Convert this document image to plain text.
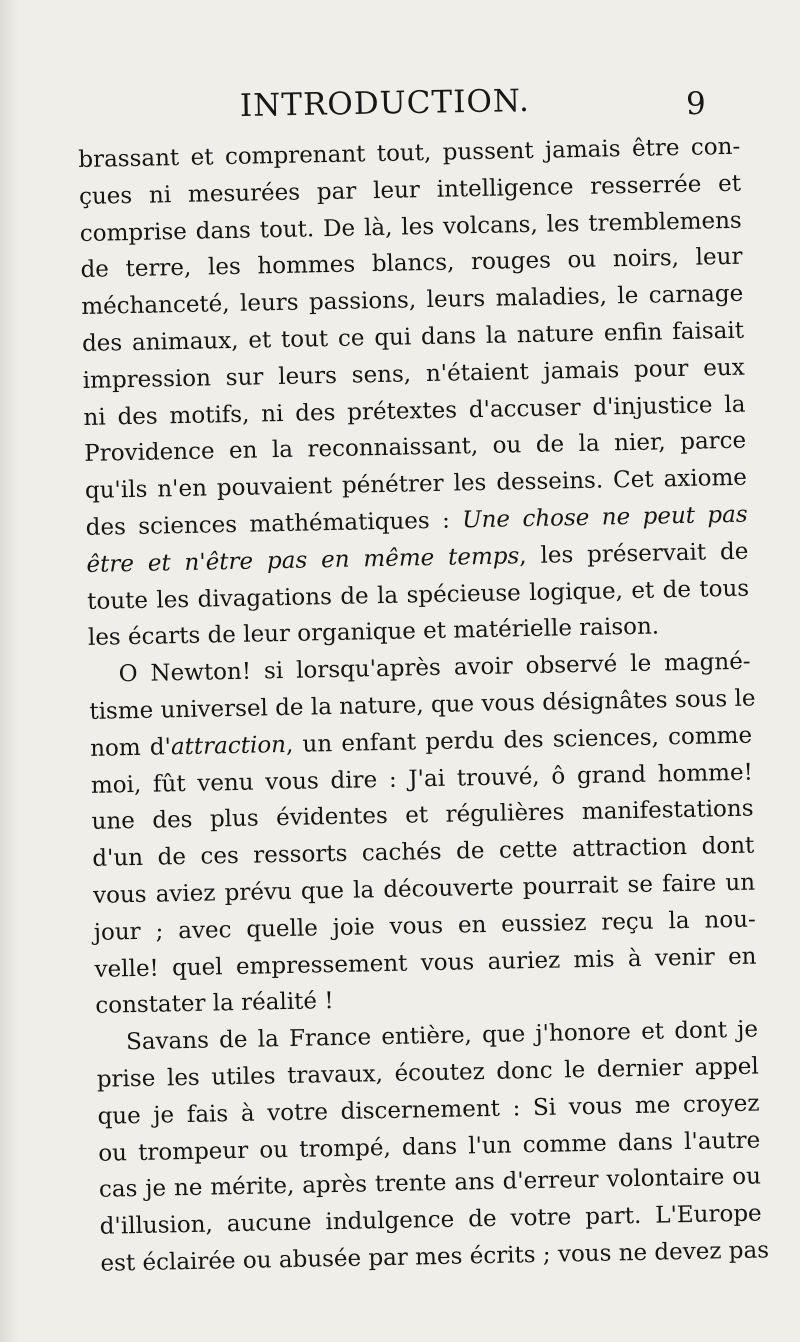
INTRODUCTION.	9
brassant et comprenant tout, pussent jamais être con-
çues ni mesurées par leur intelligence resserrée et
comprise dans tout. De là, les volcans, les tremblemens
de terre, les hommes blancs, rouges ou noirs, leur
méchanceté, leurs passions, leurs maladies, le carnage
des animaux, et tout ce qui dans la nature enfin faisait
impression sur leurs sens, n'étaient jamais pour eux
ni des motifs, ni des prétextes d'accuser d'injustice la
Providence en la reconnaissant, ou de la nier, parce
qu'ils n'en pouvaient pénétrer les desseins. Cet axiome
des sciences mathématiques : Une chose ne peut pas
être et n'être pas en même temps, les préservait de
toute les divagations de la spécieuse logique, et de tous
les écarts de leur organique et matérielle raison.
O Newton! si lorsqu'après avoir observé le magné-
tisme universel de la nature, que vous désignâtes sous le
nom d'attraction, un enfant perdu des sciences, comme
moi, fût venu vous dire : J'ai trouvé, ô grand homme!
une des plus évidentes et régulières manifestations
d'un de ces ressorts cachés de cette attraction dont
vous aviez prévu que la découverte pourrait se faire un
jour ; avec quelle joie vous en eussiez reçu la nou-
velle! quel empressement vous auriez mis à venir en
constater la réalité !
Savans de la France entière, que j'honore et dont je
prise les utiles travaux, écoutez donc le dernier appel
que je fais à votre discernement : Si vous me croyez
ou trompeur ou trompé, dans l'un comme dans l'autre
cas je ne mérite, après trente ans d'erreur volontaire ou
d'illusion, aucune indulgence de votre part. L'Europe
est éclairée ou abusée par mes écrits ; vous ne devez pas
